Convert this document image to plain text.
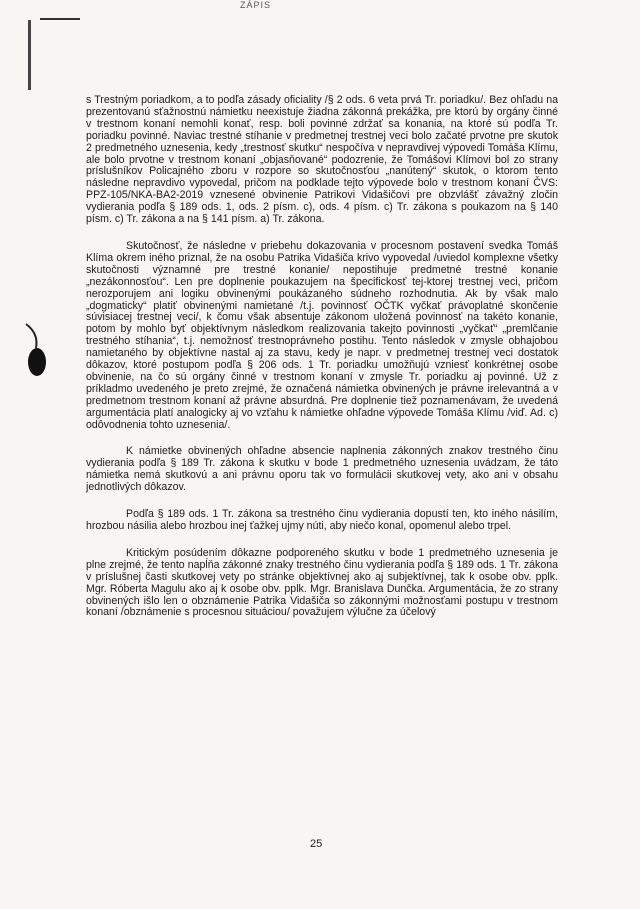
ZÁPIS

s Trestným poriadkom, a to podľa zásady oficiality /§ 2 ods. 6 veta prvá Tr. poriadku/. Bez ohľadu na prezentovanú sťažnostnú námietku neexistuje žiadna zákonná prekážka, pre ktorú by orgány činné v trestnom konaní nemohli konať, resp. boli povinné zdržať sa konania, na ktoré sú podľa Tr. poriadku povinné. Naviac trestné stíhanie v predmetnej trestnej veci bolo začaté prvotne pre skutok 2 predmetného uznesenia, kedy „trestnosť skutku“ nespočíva v nepravdivej výpovedi Tomáša Klímu, ale bolo prvotne v trestnom konaní „objasňované“ podozrenie, že Tomášovi Klímovi bol zo strany príslušníkov Policajného zboru v rozpore so skutočnosťou „nanútený“ skutok, o ktorom tento následne nepravdivo vypovedal, pričom na podklade tejto výpovede bolo v trestnom konaní ČVS: PPZ-105/NKA-BA2-2019 vznesené obvinenie Patrikovi Vidašičovi pre obzvlášť závažný zločin vydierania podľa § 189 ods. 1, ods. 2 písm. c), ods. 4 písm. c) Tr. zákona s poukazom na § 140 písm. c) Tr. zákona a na § 141 písm. a) Tr. zákona.

Skutočnosť, že následne v priebehu dokazovania v procesnom postavení svedka Tomáš Klíma okrem iného priznal, že na osobu Patrika Vidašiča krivo vypovedal /uviedol komplexne všetky skutočnosti významné pre trestné konanie/ nepostihuje predmetné trestné konanie „nezákonnosťou“. Len pre doplnenie poukazujem na špecifickosť tej-ktorej trestnej veci, pričom nerozporujem ani logiku obvinenými poukázaného súdneho rozhodnutia. Ak by však malo „dogmaticky“ platiť obvinenými namietané /t.j. povinnosť OČTK vyčkať právoplatné skončenie súvisiacej trestnej veci/, k čomu však absentuje zákonom uložená povinnosť na takéto konanie, potom by mohlo byť objektívnym následkom realizovania takejto povinnosti „vyčkať“ „premlčanie trestného stíhania“, t.j. nemožnosť trestnoprávneho postihu. Tento následok v zmysle obhajobou namietaného by objektívne nastal aj za stavu, kedy je napr. v predmetnej trestnej veci dostatok dôkazov, ktoré postupom podľa § 206 ods. 1 Tr. poriadku umožňujú vzniesť konkrétnej osobe obvinenie, na čo sú orgány činné v trestnom konaní v zmysle Tr. poriadku aj povinné. Už z príkladmo uvedeného je preto zrejmé, že označená námietka obvinených je právne irelevantná a v predmetnom trestnom konaní až právne absurdná. Pre doplnenie tiež poznamenávam, že uvedená argumentácia platí analogicky aj vo vzťahu k námietke ohľadne výpovede Tomáša Klímu /viď. Ad. c) odôvodnenia tohto uznesenia/.

K námietke obvinených ohľadne absencie naplnenia zákonných znakov trestného činu vydierania podľa § 189 Tr. zákona k skutku v bode 1 predmetného uznesenia uvádzam, že táto námietka nemá skutkovú a ani právnu oporu tak vo formulácii skutkovej vety, ako ani v obsahu jednotlivých dôkazov.

Podľa § 189 ods. 1 Tr. zákona sa trestného činu vydierania dopustí ten, kto iného násilím, hrozbou násilia alebo hrozbou inej ťažkej ujmy núti, aby niečo konal, opomenul alebo trpel.

Kritickým posúdením dôkazne podporeného skutku v bode 1 predmetného uznesenia je plne zrejmé, že tento napĺňa zákonné znaky trestného činu vydierania podľa § 189 ods. 1 Tr. zákona v príslušnej časti skutkovej vety po stránke objektívnej ako aj subjektívnej, tak k osobe obv. pplk. Mgr. Róberta Magulu ako aj k osobe obv. pplk. Mgr. Branislava Dunčka. Argumentácia, že zo strany obvinených išlo len o obznámenie Patrika Vidašiča so zákonnými možnosťami postupu v trestnom konaní /obznámenie s procesnou situáciou/ považujem výlučne za účelový

25
